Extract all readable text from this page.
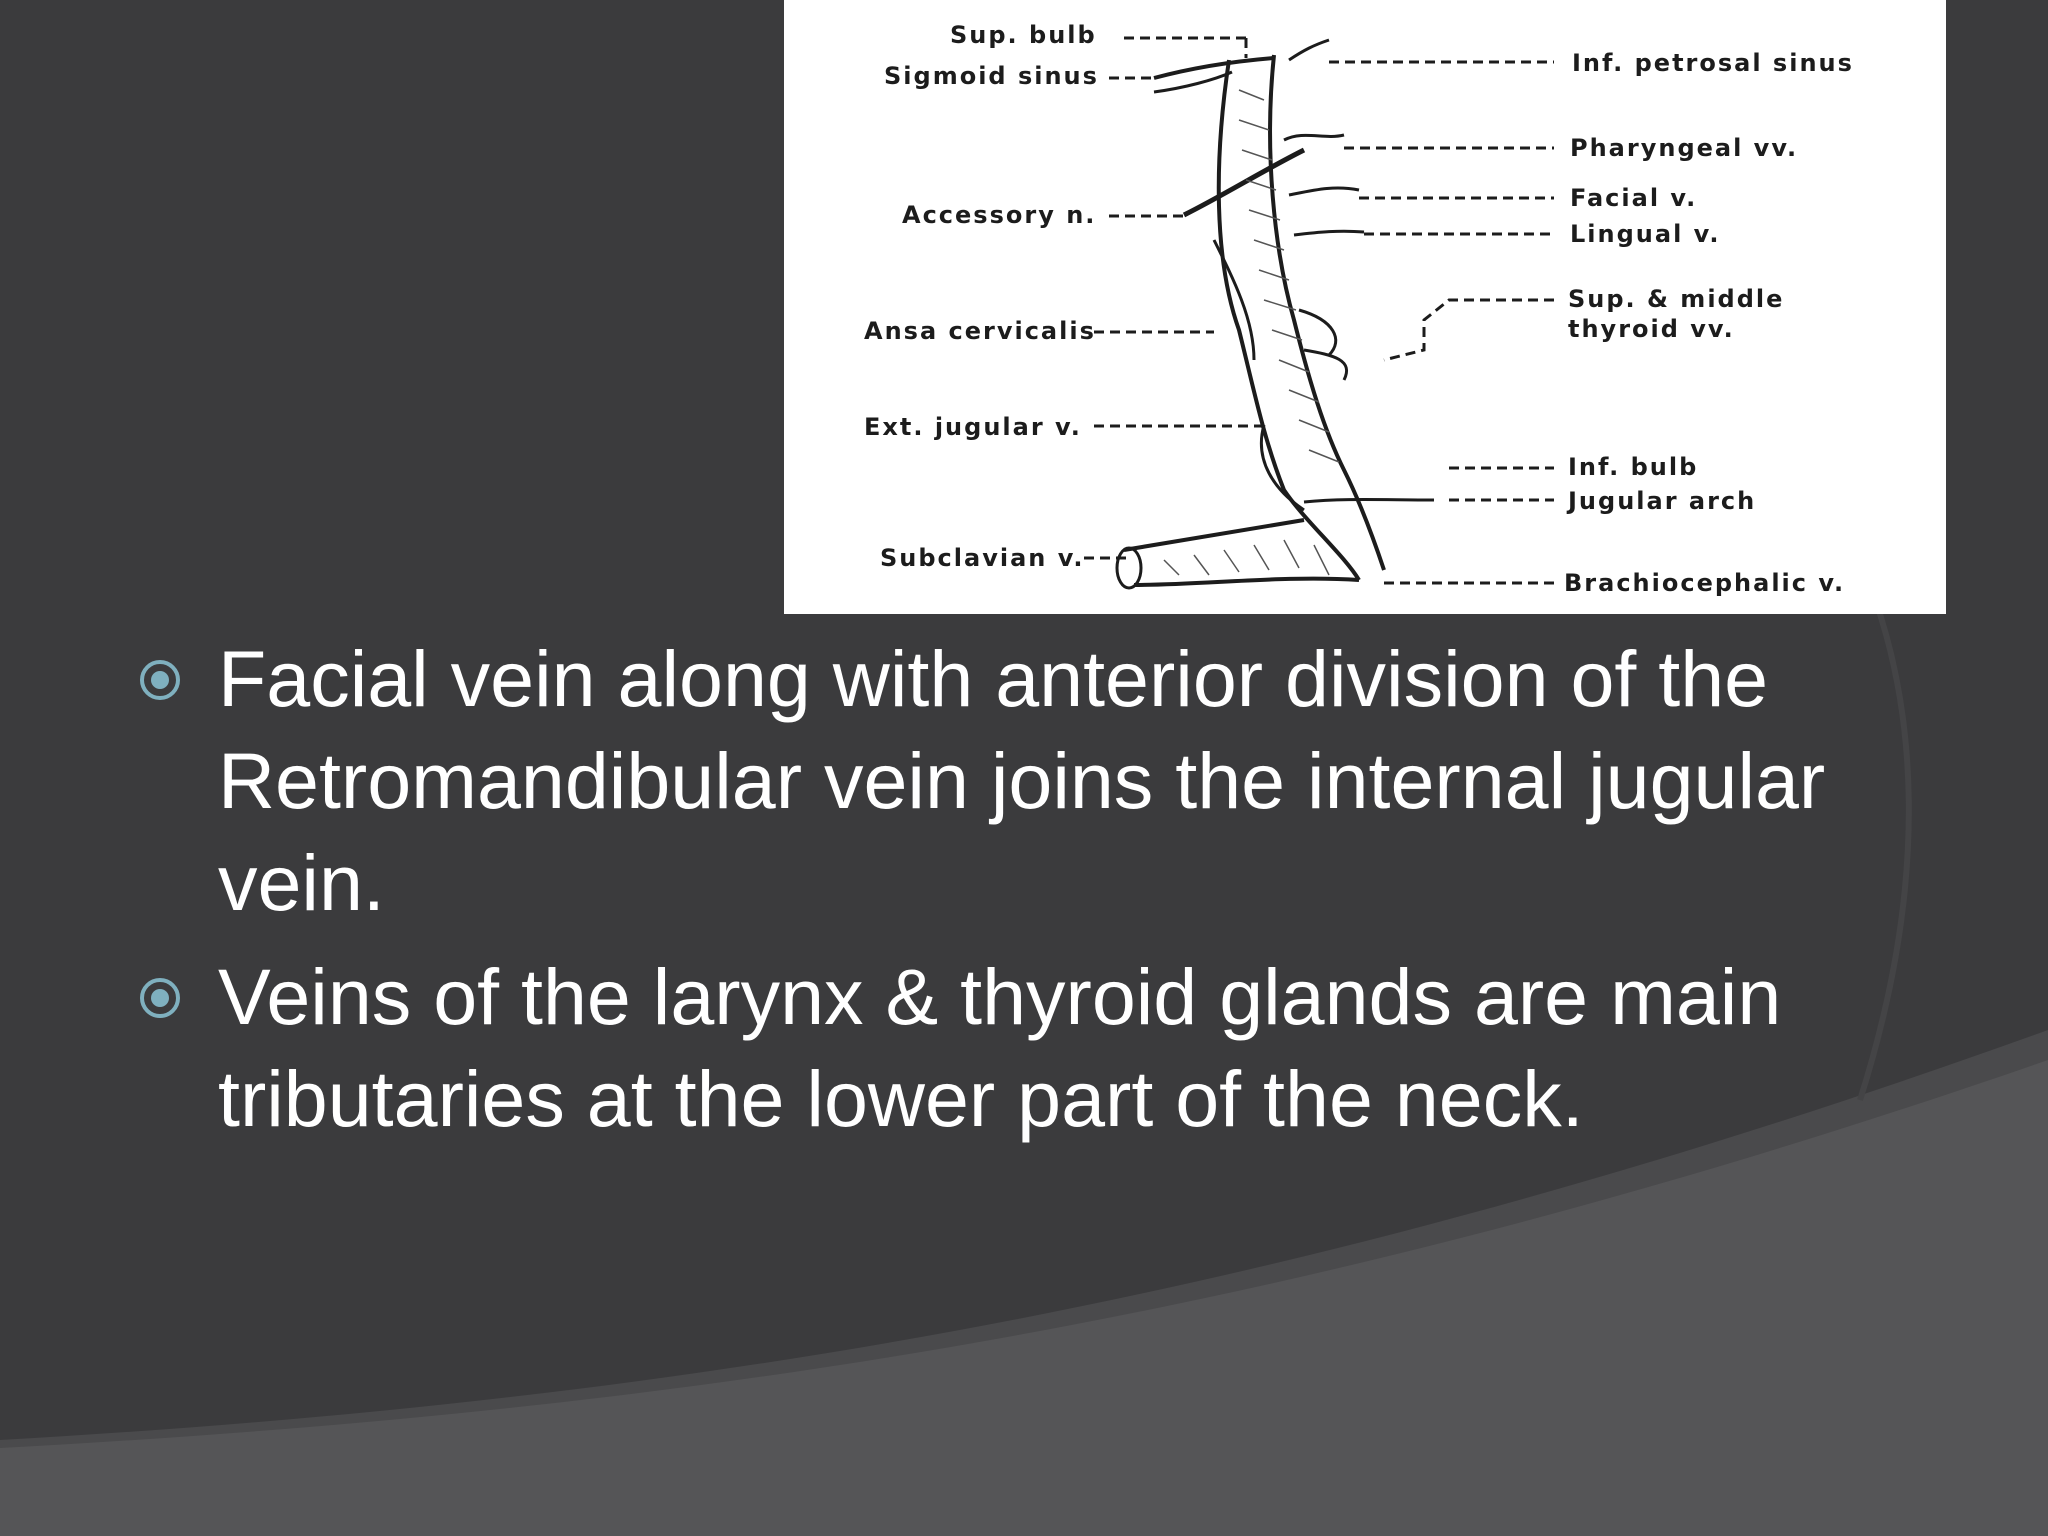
Sup. bulb
Sigmoid sinus
Accessory n.
Ansa cervicalis
Ext. jugular v.
Subclavian v.
Inf. petrosal sinus
Pharyngeal vv.
Facial v.
Lingual v.
Sup. & middle
thyroid vv.
Inf. bulb
Jugular arch
Brachiocephalic v.
Facial vein along with anterior division of the Retromandibular vein joins the internal jugular vein.
Veins of the larynx & thyroid glands are main tributaries at the lower part of the neck.
